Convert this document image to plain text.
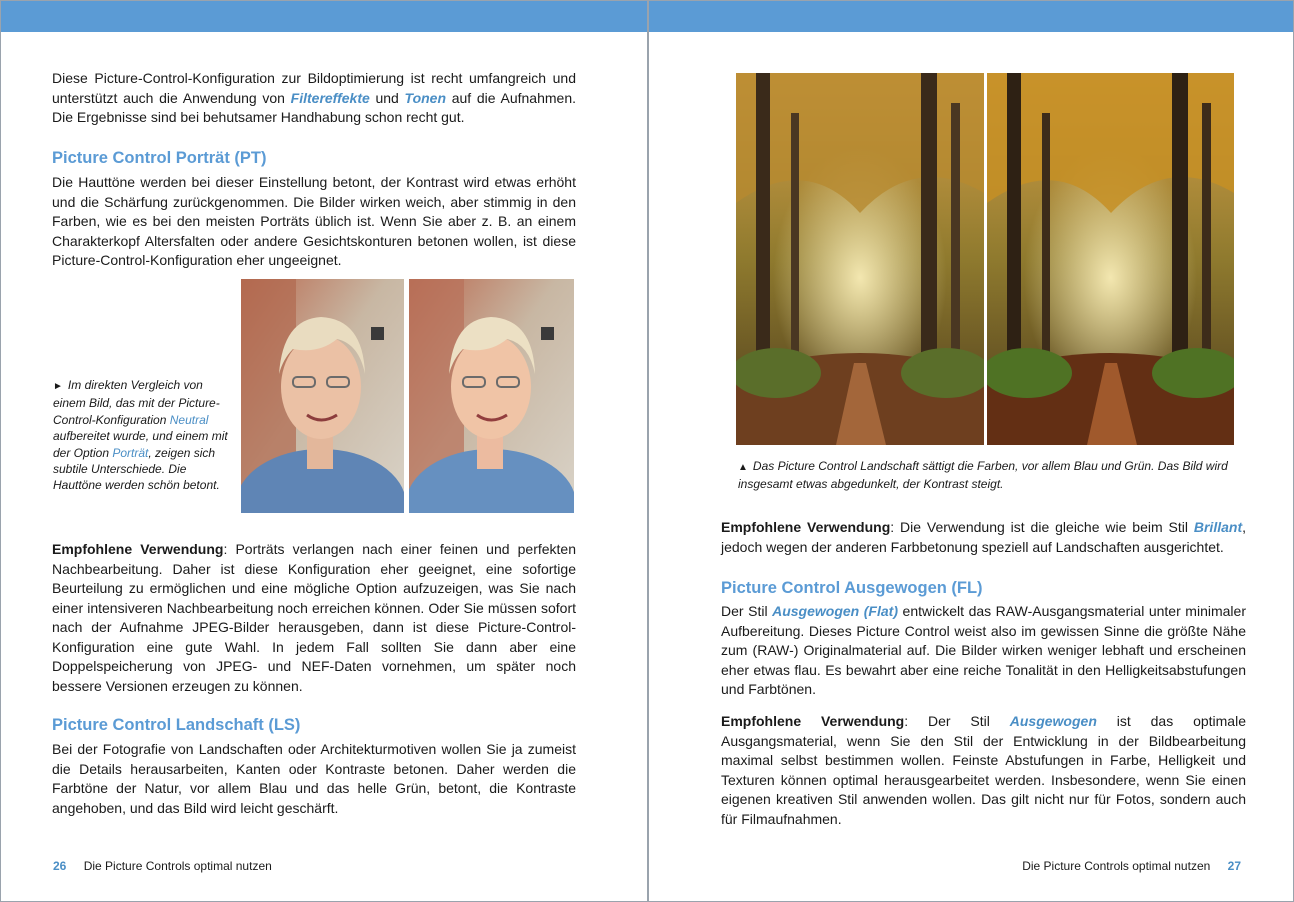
Diese Picture-Control-Konfiguration zur Bildoptimierung ist recht umfangreich und unterstützt auch die Anwendung von Filtereffekte und Tonen auf die Aufnahmen. Die Ergebnisse sind bei behutsamer Handhabung schon recht gut.

Picture Control Porträt (PT)

Die Hauttöne werden bei dieser Einstellung betont, der Kontrast wird etwas erhöht und die Schärfung zurückgenommen. Die Bilder wirken weich, aber stimmig in den Farben, wie es bei den meisten Porträts üblich ist. Wenn Sie aber z. B. an einem Charakterkopf Altersfalten oder andere Gesichtskonturen betonen wollen, ist diese Picture-Control-Konfiguration eher ungeeignet.

► Im direkten Vergleich von einem Bild, das mit der Picture-Control-Konfiguration Neutral aufbereitet wurde, und einem mit der Option Porträt, zeigen sich subtile Unterschiede. Die Hauttöne werden schön betont.

Empfohlene Verwendung: Porträts verlangen nach einer feinen und perfekten Nachbearbeitung. Daher ist diese Konfiguration eher geeignet, eine sofortige Beurteilung zu ermöglichen und eine mögliche Option aufzuzeigen, was Sie nach einer intensiveren Nachbearbeitung noch erreichen können. Oder Sie müssen sofort nach der Aufnahme JPEG-Bilder herausgeben, dann ist diese Picture-Control-Konfiguration eine gute Wahl. In jedem Fall sollten Sie dann aber eine Doppelspeicherung von JPEG- und NEF-Daten vornehmen, um später noch bessere Versionen erzeugen zu können.

Picture Control Landschaft (LS)

Bei der Fotografie von Landschaften oder Architekturmotiven wollen Sie ja zumeist die Details herausarbeiten, Kanten oder Kontraste betonen. Daher werden die Farbtöne der Natur, vor allem Blau und das helle Grün, betont, die Kontraste angehoben, und das Bild wird leicht geschärft.

26 Die Picture Controls optimal nutzen

▲ Das Picture Control Landschaft sättigt die Farben, vor allem Blau und Grün. Das Bild wird insgesamt etwas abgedunkelt, der Kontrast steigt.

Empfohlene Verwendung: Die Verwendung ist die gleiche wie beim Stil Brillant, jedoch wegen der anderen Farbbetonung speziell auf Landschaften ausgerichtet.

Picture Control Ausgewogen (FL)

Der Stil Ausgewogen (Flat) entwickelt das RAW-Ausgangsmaterial unter minimaler Aufbereitung. Dieses Picture Control weist also im gewissen Sinne die größte Nähe zum (RAW-) Originalmaterial auf. Die Bilder wirken weniger lebhaft und erscheinen eher etwas flau. Es bewahrt aber eine reiche Tonalität in den Helligkeitsabstufungen und Farbtönen.

Empfohlene Verwendung: Der Stil Ausgewogen ist das optimale Ausgangsmaterial, wenn Sie den Stil der Entwicklung in der Bildbearbeitung maximal selbst bestimmen wollen. Feinste Abstufungen in Farbe, Helligkeit und Texturen können optimal herausgearbeitet werden. Insbesondere, wenn Sie einen eigenen kreativen Stil anwenden wollen. Das gilt nicht nur für Fotos, sondern auch für Filmaufnahmen.

Die Picture Controls optimal nutzen 27
